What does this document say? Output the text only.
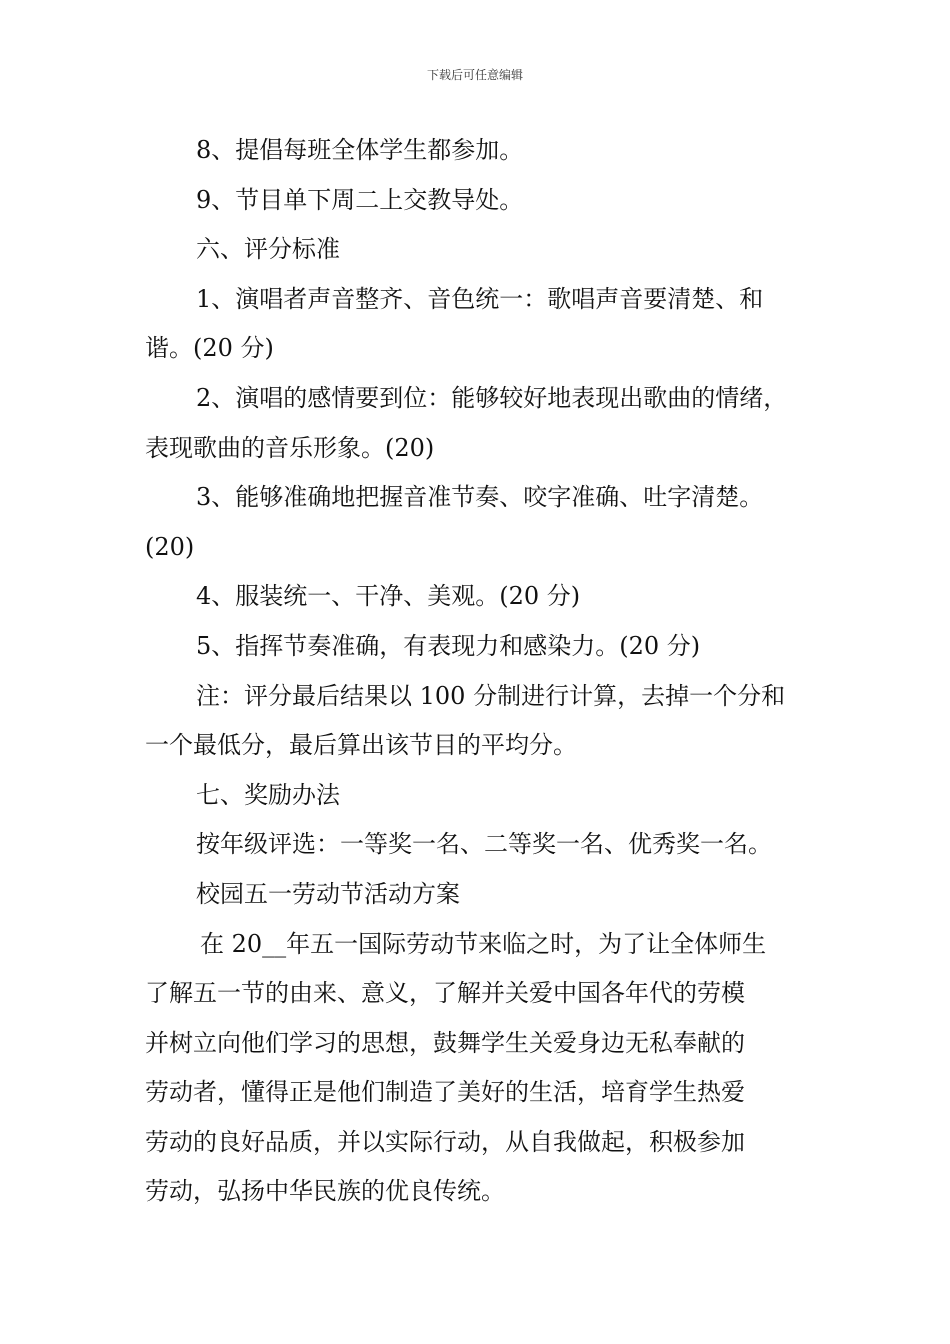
下载后可任意编辑

8、提倡每班全体学生都参加。

9、节目单下周二上交教导处。

六、评分标准

1、演唱者声音整齐、音色统一：歌唱声音要清楚、和

谐。(20 分)

2、演唱的感情要到位：能够较好地表现出歌曲的情绪，

表现歌曲的音乐形象。(20)

3、能够准确地把握音准节奏、咬字准确、吐字清楚。

(20)

4、服装统一、干净、美观。(20 分)

5、指挥节奏准确，有表现力和感染力。(20 分)

注：评分最后结果以 100 分制进行计算，去掉一个分和

一个最低分，最后算出该节目的平均分。

七、奖励办法

按年级评选：一等奖一名、二等奖一名、优秀奖一名。

校园五一劳动节活动方案

在 20__年五一国际劳动节来临之时，为了让全体师生

了解五一节的由来、意义，了解并关爱中国各年代的劳模

并树立向他们学习的思想，鼓舞学生关爱身边无私奉献的

劳动者，懂得正是他们制造了美好的生活，培育学生热爱

劳动的良好品质，并以实际行动，从自我做起，积极参加

劳动，弘扬中华民族的优良传统。
